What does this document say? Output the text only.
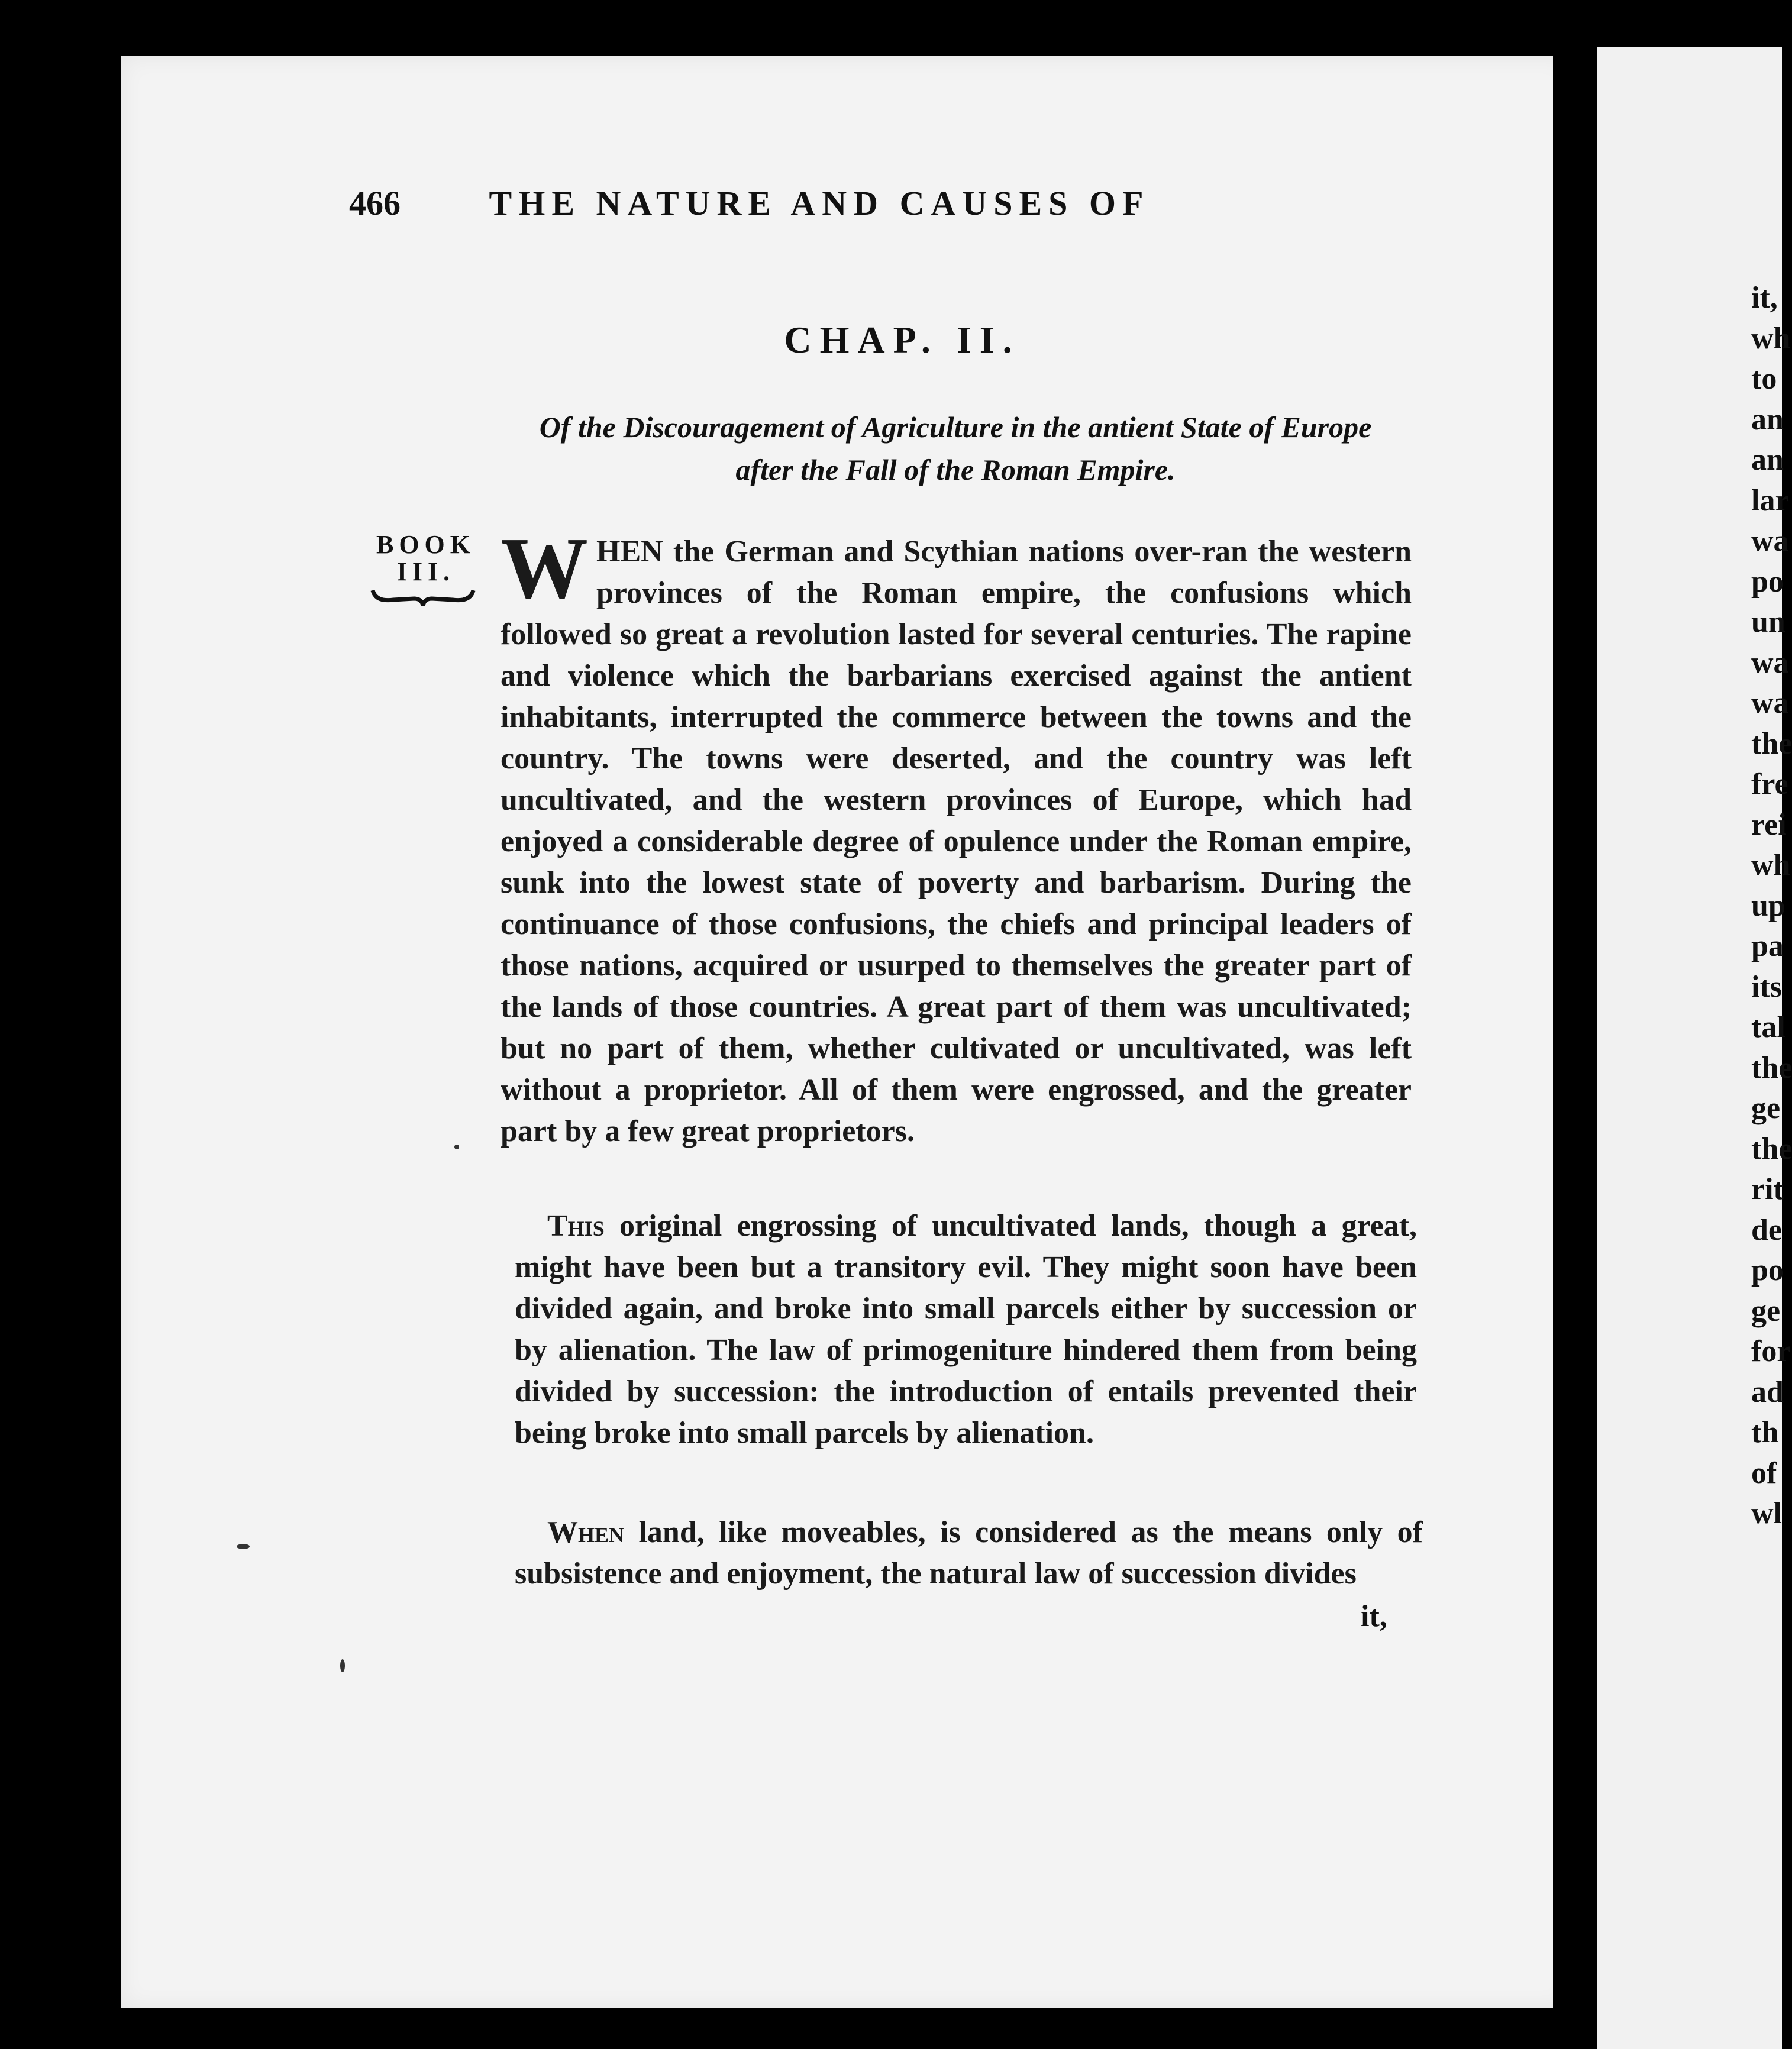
466	THE NATURE AND CAUSES OF
CHAP. II.
Of the Discouragement of Agriculture in the antient State of Europe
after the Fall of the Roman Empire.
BOOK
III. WHEN the German and Scythian nations over-ran the western provinces of the Roman empire, the confusions which followed so great a revolution lasted for several centuries. The rapine and violence which the barbarians exercised against the antient inhabitants, interrupted the commerce between the towns and the country. The towns were deserted, and the country was left uncultivated, and the western provinces of Europe, which had enjoyed a considerable degree of opulence under the Roman empire, sunk into the lowest state of poverty and barbarism. During the continuance of those confusions, the chiefs and principal leaders of those nations, acquired or usurped to themselves the greater part of the lands of those countries. A great part of them was uncultivated; but no part of them, whether cultivated or uncultivated, was left without a proprietor. All of them were engrossed, and the greater part by a few great proprietors.
This original engrossing of uncultivated lands, though a great, might have been but a transitory evil. They might soon have been divided again, and broke into small parcels either by succession or by alienation. The law of primogeniture hindered them from being divided by succession: the introduction of entails prevented their being broke into small parcels by alienation.
When land, like moveables, is considered as the means only of subsistence and enjoyment, the natural law of succession divides
it,
it,
wh
to
an
an
lar
wa
po
un
wa
wa
the
fre
rei
wh
up
pa
its
tal
the
ge
the
rit
de
po
ge
for
ad
th
of
wl
